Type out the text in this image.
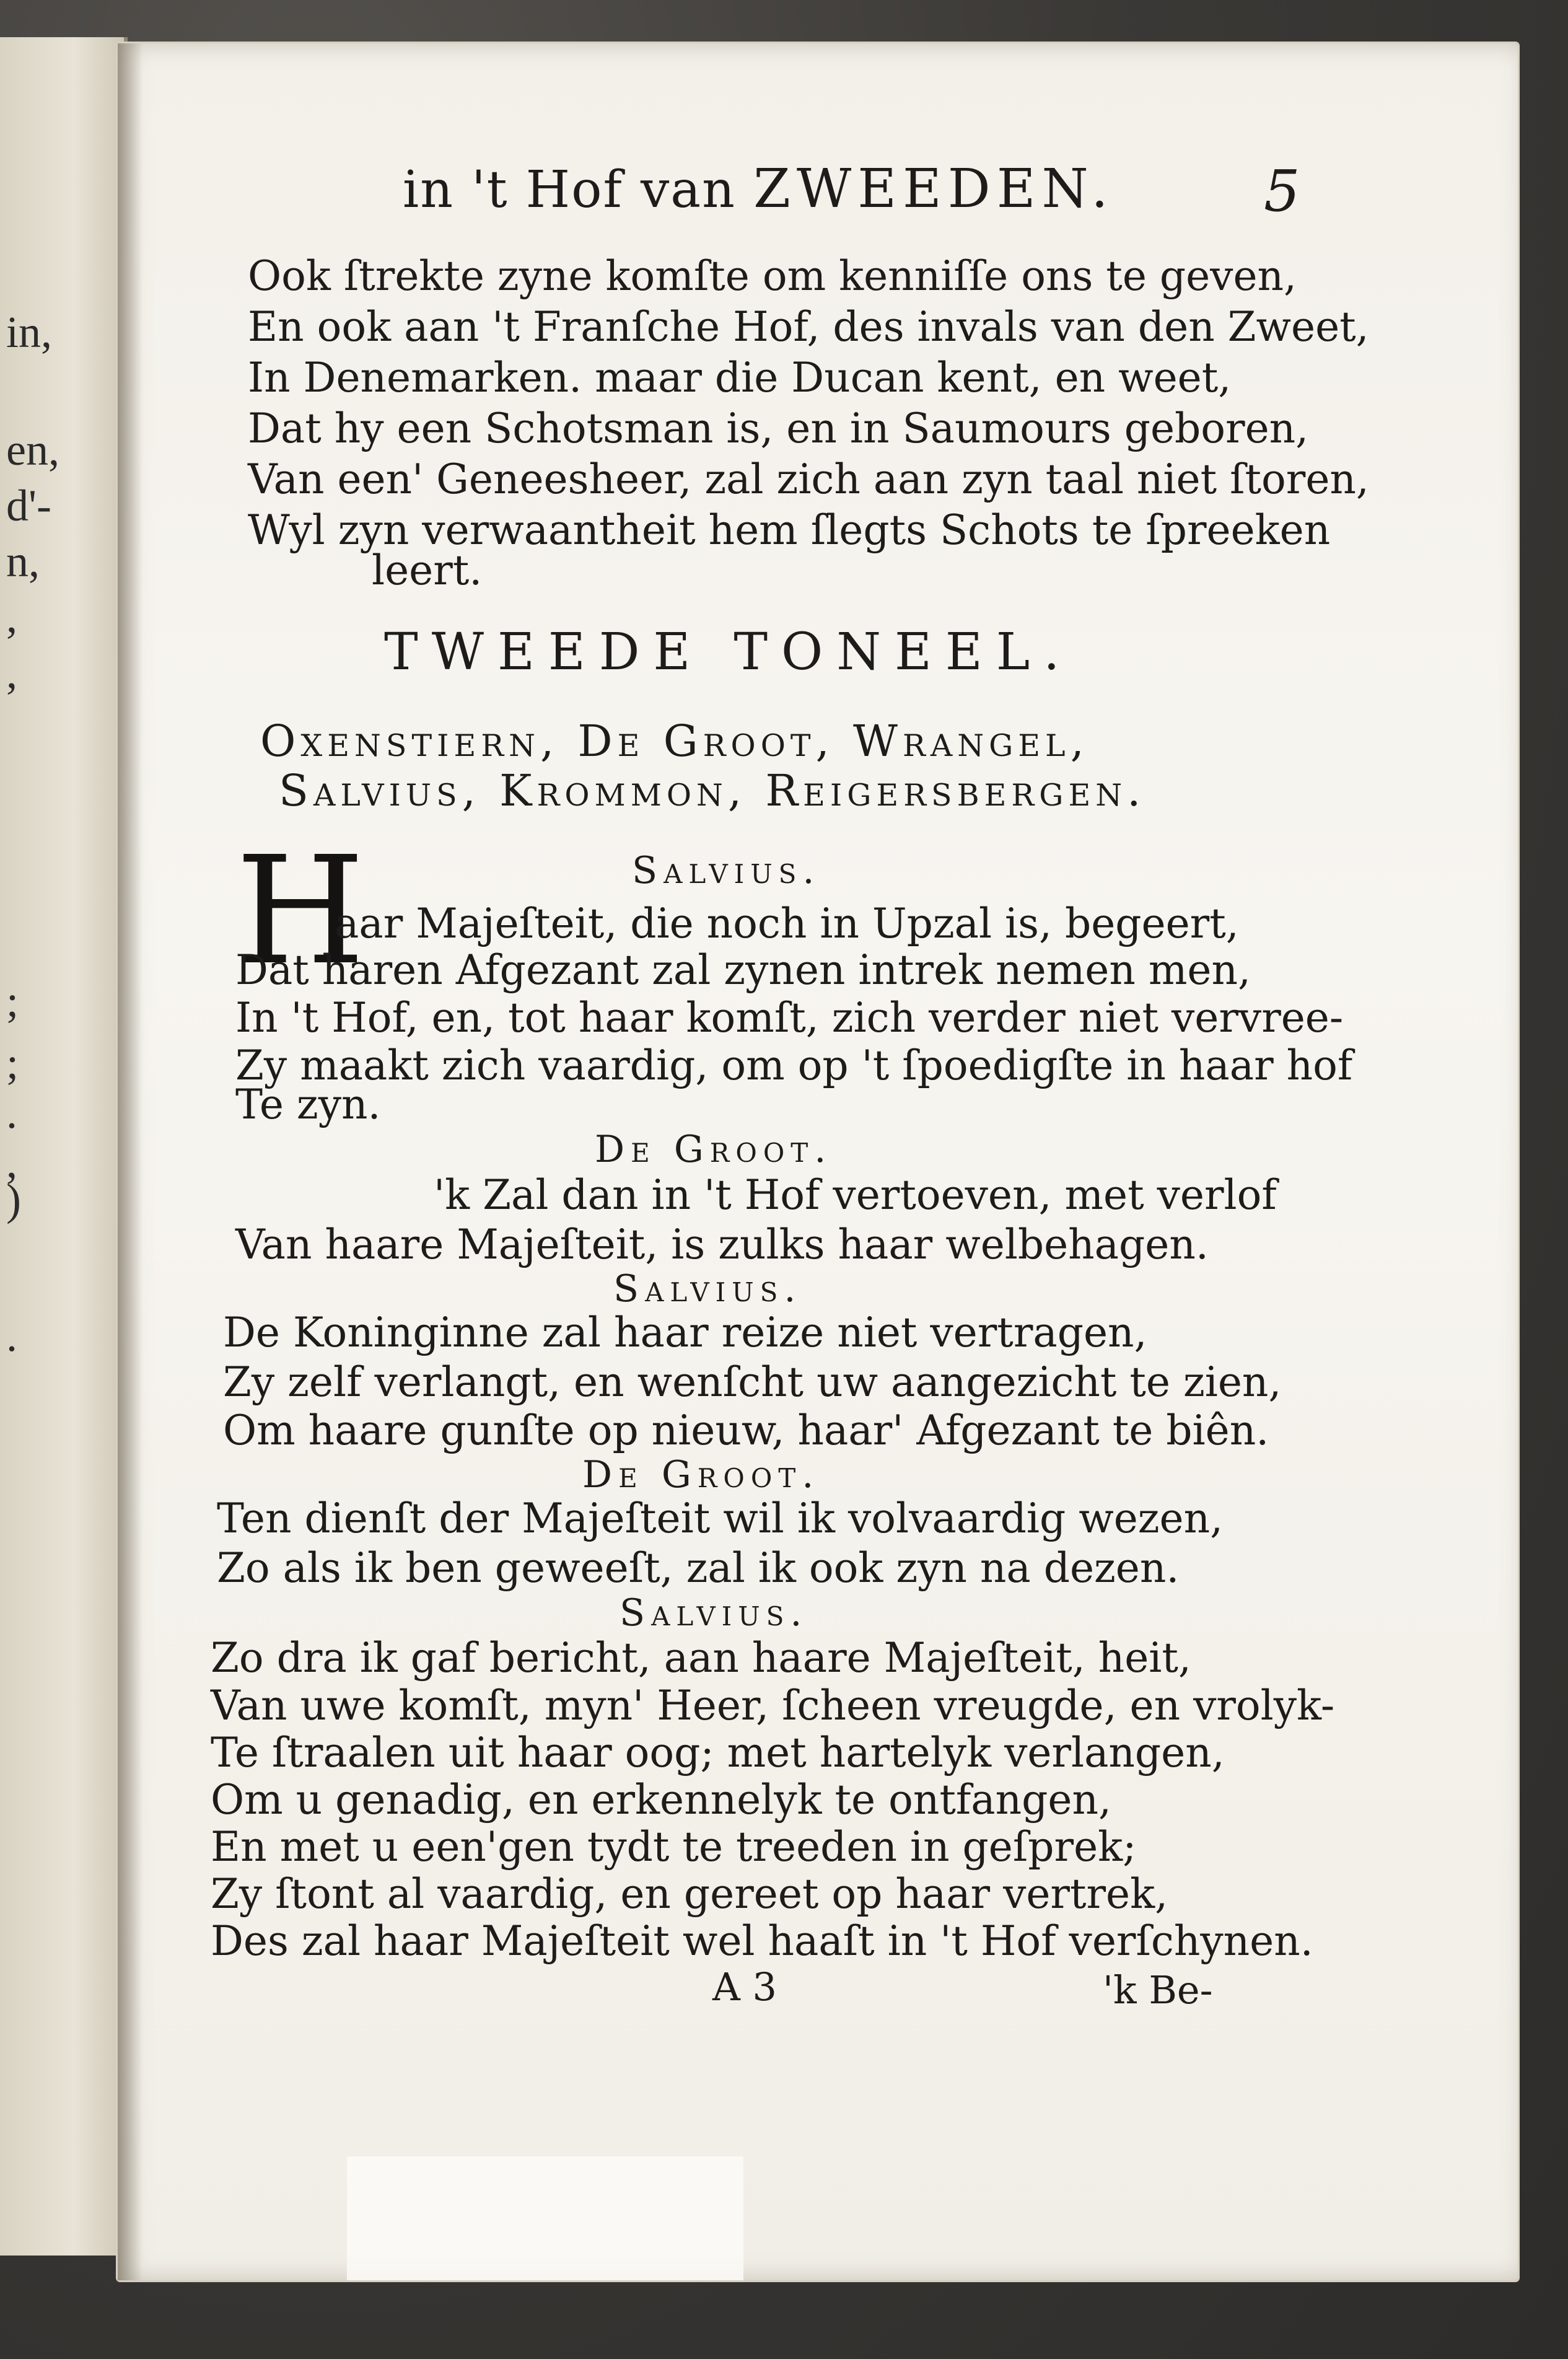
in,
en,
d'-
n,
,
,
;
;
.
,
)
.
in 't Hof van ZWEEDEN.	5
Ook ſtrekte zyne komſte om kenniſſe ons te geven,
En ook aan 't Franſche Hof, des invals van den Zweet,
In Denemarken. maar die Ducan kent, en weet,
Dat hy een Schotsman is, en in Saumours geboren,
Van een' Geneesheer, zal zich aan zyn taal niet ſtoren,
Wyl zyn verwaantheit hem ſlegts Schots te ſpreeken
leert.
TWEEDE TONEEL.
Oxenstiern, De Groot, Wrangel,
Salvius, Krommon, Reigersbergen.
Salvius.
H
aar Majeſteit, die noch in Upzal is, begeert,
Dat haren Afgezant zal zynen intrek nemen men,
In 't Hof, en, tot haar komſt, zich verder niet vervree-
Zy maakt zich vaardig, om op 't ſpoedigſte in haar hof
Te zyn.
De Groot.
'k Zal dan in 't Hof vertoeven, met verlof
Van haare Majeſteit, is zulks haar welbehagen.
Salvius.
De Koninginne zal haar reize niet vertragen,
Zy zelf verlangt, en wenſcht uw aangezicht te zien,
Om haare gunſte op nieuw, haar' Afgezant te biên.
De Groot.
Ten dienſt der Majeſteit wil ik volvaardig wezen,
Zo als ik ben geweeſt, zal ik ook zyn na dezen.
Salvius.
Zo dra ik gaf bericht, aan haare Majeſteit, heit,
Van uwe komſt, myn' Heer, ſcheen vreugde, en vrolyk-
Te ſtraalen uit haar oog; met hartelyk verlangen,
Om u genadig, en erkennelyk te ontfangen,
En met u een'gen tydt te treeden in geſprek;
Zy ſtont al vaardig, en gereet op haar vertrek,
Des zal haar Majeſteit wel haaſt in 't Hof verſchynen.
A 3	'k Be-
